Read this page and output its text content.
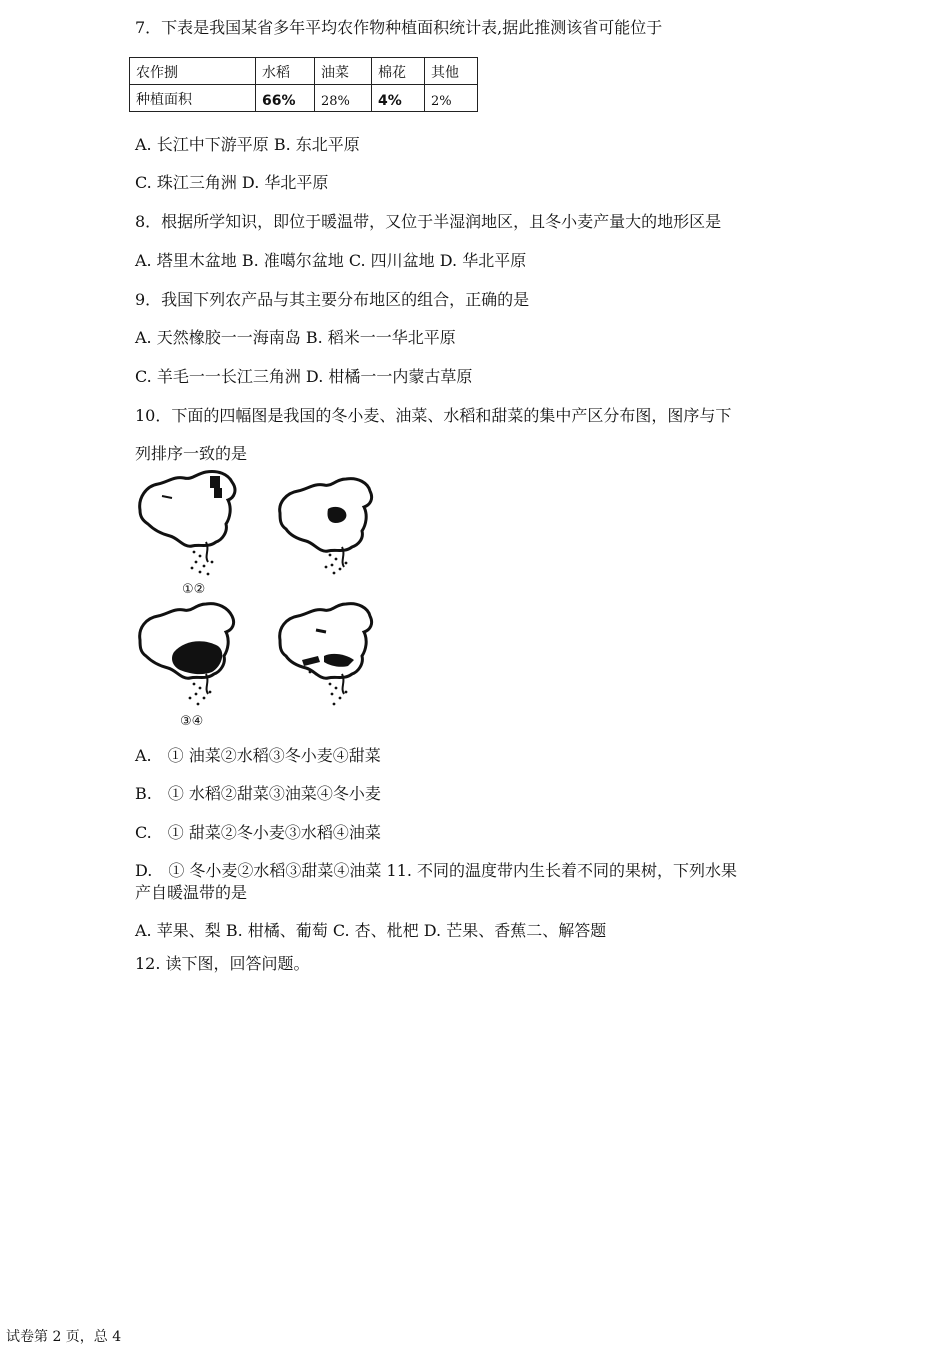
7．下表是我国某省多年平均农作物种植面积统计表,据此推测该省可能位于
农作捌	水稻	油菜	棉花	其他
种植面积	66%	28%	4%	2%
A. 长江中下游平原 B. 东北平原
C. 珠江三角洲 D. 华北平原
8．根据所学知识，即位于暖温带，又位于半湿润地区，且冬小麦产量大的地形区是
A. 塔里木盆地 B. 准噶尔盆地 C. 四川盆地 D. 华北平原
9．我国下列农产品与其主要分布地区的组合，正确的是
A. 天然橡胶一一海南岛 B. 稻米一一华北平原
C. 羊毛一一长江三角洲 D. 柑橘一一内蒙古草原
10．下面的四幅图是我国的冬小麦、油菜、水稻和甜菜的集中产区分布图，图序与下
列排序一致的是
①②
③④
A.　① 油菜②水稻③冬小麦④甜菜
B.　① 水稻②甜菜③油菜④冬小麦
C.　① 甜菜②冬小麦③水稻④油菜
D.　① 冬小麦②水稻③甜菜④油菜 11. 不同的温度带内生长着不同的果树，下列水果
产自暖温带的是
A. 苹果、梨 B. 柑橘、葡萄 C. 杏、枇杷 D. 芒果、香蕉二、解答题
12. 读下图，回答问题。
试卷第 2 页，总 4
